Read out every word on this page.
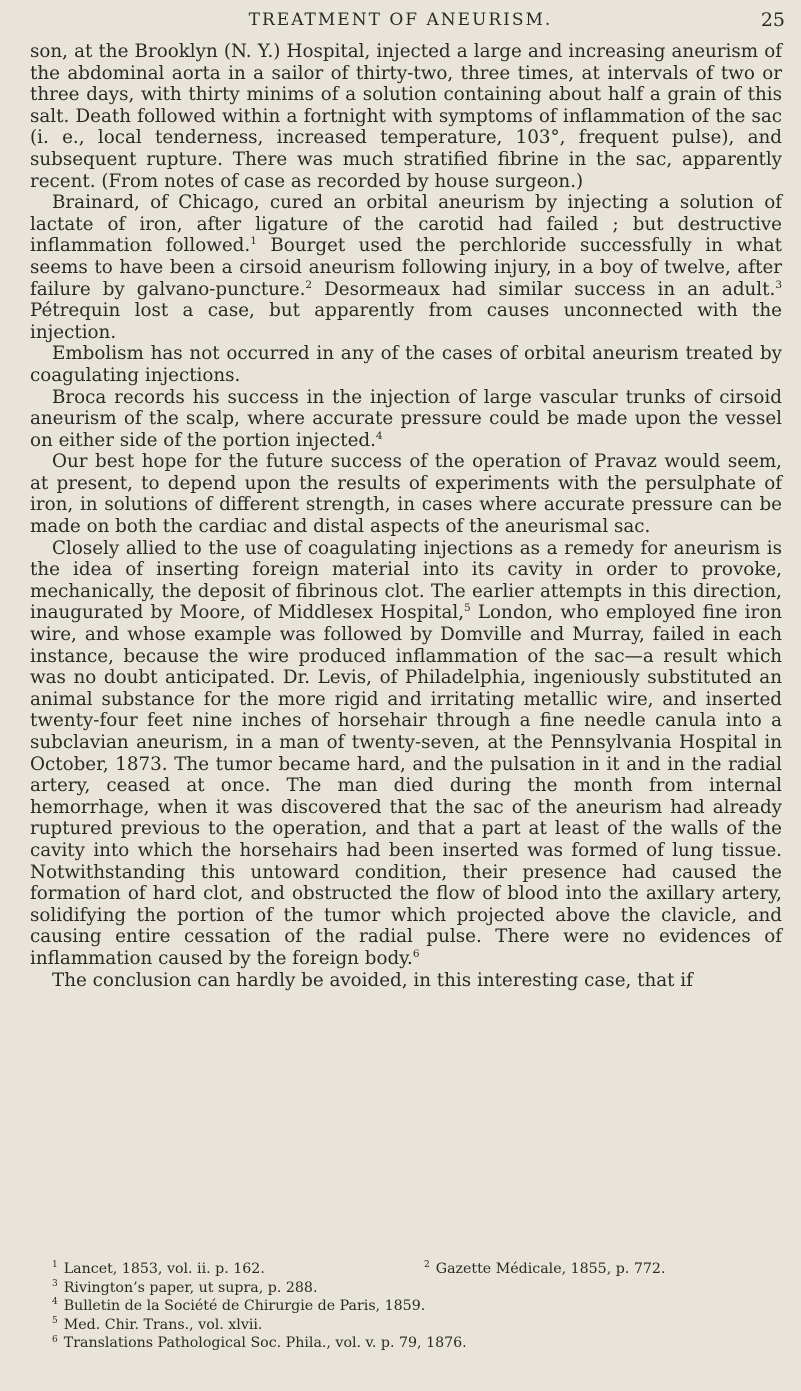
TREATMENT OF ANEURISM.	25

son, at the Brooklyn (N. Y.) Hospital, injected a large and increasing aneurism of the abdominal aorta in a sailor of thirty-two, three times, at intervals of two or three days, with thirty minims of a solution containing about half a grain of this salt. Death followed within a fortnight with symptoms of inflammation of the sac (i. e., local tenderness, increased temperature, 103°, frequent pulse), and subsequent rupture. There was much stratified fibrine in the sac, apparently recent. (From notes of case as recorded by house surgeon.)

Brainard, of Chicago, cured an orbital aneurism by injecting a solution of lactate of iron, after ligature of the carotid had failed ; but destructive inflammation followed.$^1$ Bourget used the perchloride successfully in what seems to have been a cirsoid aneurism following injury, in a boy of twelve, after failure by galvano-puncture.$^2$ Desormeaux had similar success in an adult.$^3$ Pétrequin lost a case, but apparently from causes unconnected with the injection.

Embolism has not occurred in any of the cases of orbital aneurism treated by coagulating injections.

Broca records his success in the injection of large vascular trunks of cirsoid aneurism of the scalp, where accurate pressure could be made upon the vessel on either side of the portion injected.$^4$

Our best hope for the future success of the operation of Pravaz would seem, at present, to depend upon the results of experiments with the persulphate of iron, in solutions of different strength, in cases where accurate pressure can be made on both the cardiac and distal aspects of the aneurismal sac.

Closely allied to the use of coagulating injections as a remedy for aneurism is the idea of inserting foreign material into its cavity in order to provoke, mechanically, the deposit of fibrinous clot. The earlier attempts in this direction, inaugurated by Moore, of Middlesex Hospital,$^5$ London, who employed fine iron wire, and whose example was followed by Domville and Murray, failed in each instance, because the wire produced inflammation of the sac—a result which was no doubt anticipated. Dr. Levis, of Philadelphia, ingeniously substituted an animal substance for the more rigid and irritating metallic wire, and inserted twenty-four feet nine inches of horsehair through a fine needle canula into a subclavian aneurism, in a man of twenty-seven, at the Pennsylvania Hospital in October, 1873. The tumor became hard, and the pulsation in it and in the radial artery, ceased at once. The man died during the month from internal hemorrhage, when it was discovered that the sac of the aneurism had already ruptured previous to the operation, and that a part at least of the walls of the cavity into which the horsehairs had been inserted was formed of lung tissue. Notwithstanding this untoward condition, their presence had caused the formation of hard clot, and obstructed the flow of blood into the axillary artery, solidifying the portion of the tumor which projected above the clavicle, and causing entire cessation of the radial pulse. There were no evidences of inflammation caused by the foreign body.$^6$

The conclusion can hardly be avoided, in this interesting case, that if

$^1$ Lancet, 1853, vol. ii. p. 162.	$^2$ Gazette Médicale, 1855, p. 772.
$^3$ Rivington’s paper, ut supra, p. 288.
$^4$ Bulletin de la Société de Chirurgie de Paris, 1859.
$^5$ Med. Chir. Trans., vol. xlvii.
$^6$ Translations Pathological Soc. Phila., vol. v. p. 79, 1876.
